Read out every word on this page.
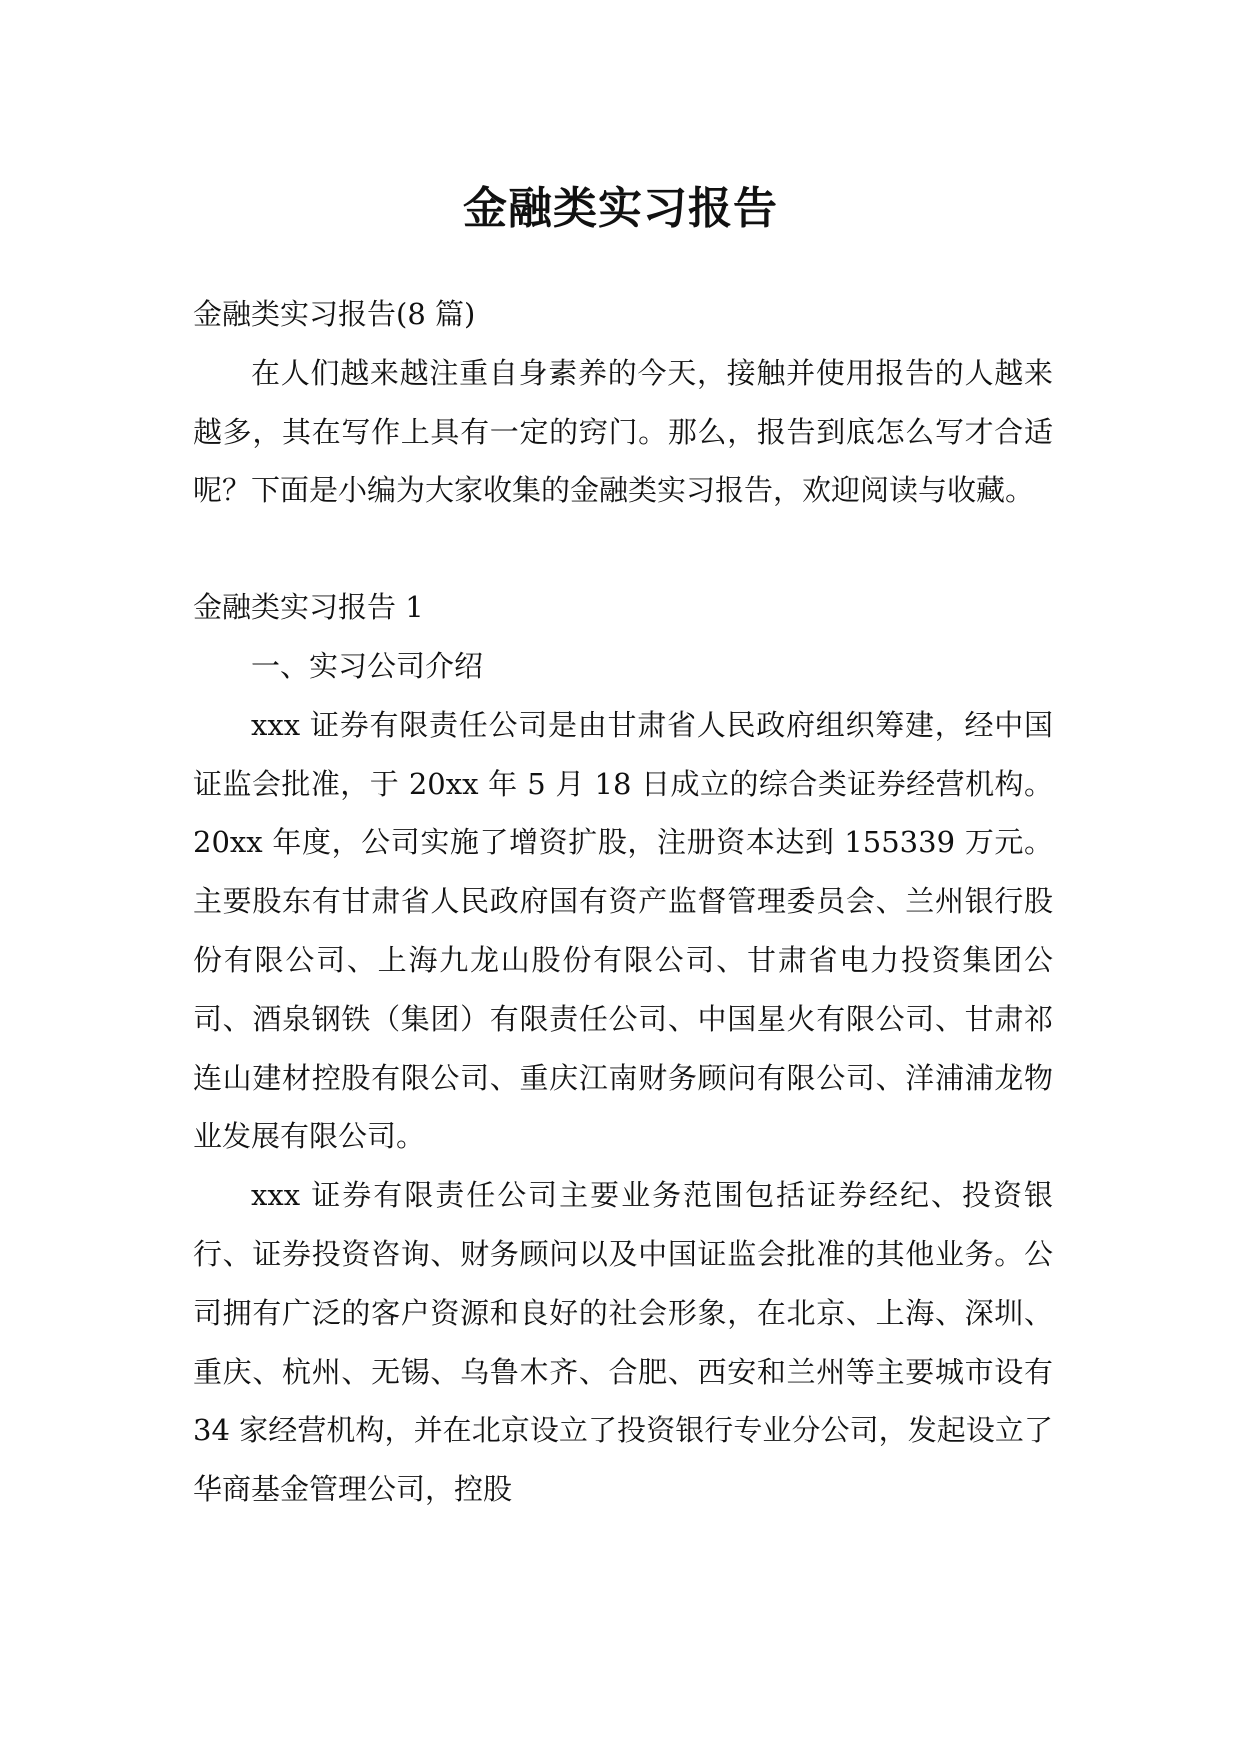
金融类实习报告

金融类实习报告(8 篇)

在人们越来越注重自身素养的今天，接触并使用报告的人越来越多，其在写作上具有一定的窍门。那么，报告到底怎么写才合适呢？下面是小编为大家收集的金融类实习报告，欢迎阅读与收藏。

金融类实习报告 1

一、实习公司介绍

xxx 证券有限责任公司是由甘肃省人民政府组织筹建，经中国证监会批准，于 20xx 年 5 月 18 日成立的综合类证券经营机构。20xx 年度，公司实施了增资扩股，注册资本达到 155339 万元。主要股东有甘肃省人民政府国有资产监督管理委员会、兰州银行股份有限公司、上海九龙山股份有限公司、甘肃省电力投资集团公司、酒泉钢铁（集团）有限责任公司、中国星火有限公司、甘肃祁连山建材控股有限公司、重庆江南财务顾问有限公司、洋浦浦龙物业发展有限公司。

xxx 证券有限责任公司主要业务范围包括证券经纪、投资银行、证券投资咨询、财务顾问以及中国证监会批准的其他业务。公司拥有广泛的客户资源和良好的社会形象，在北京、上海、深圳、重庆、杭州、无锡、乌鲁木齐、合肥、西安和兰州等主要城市设有 34 家经营机构，并在北京设立了投资银行专业分公司，发起设立了华商基金管理公司，控股
